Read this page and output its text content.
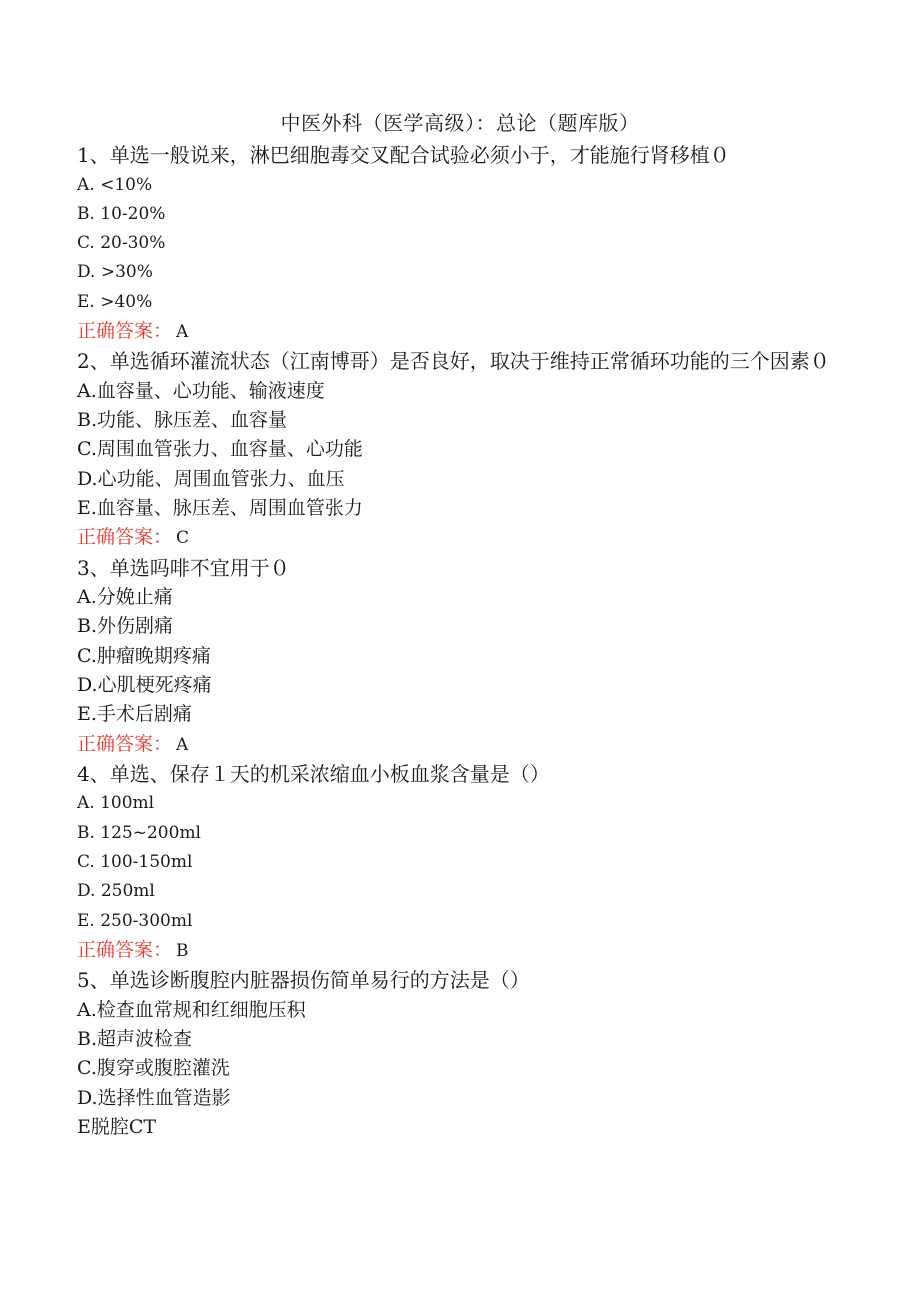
中医外科（医学高级）：总论（题库版）

1、单选一般说来，淋巴细胞毒交叉配合试验必须小于，才能施行肾移植０

A. <10%

B. 10-20%

C. 20-30%

D. >30%

E. >40%

正确答案： A

2、单选循环灌流状态（江南博哥）是否良好，取决于维持正常循环功能的三个因素０

A.血容量、心功能、输液速度

B.功能、脉压差、血容量

C.周围血管张力、血容量、心功能

D.心功能、周围血管张力、血压

E.血容量、脉压差、周围血管张力

正确答案： C

3、单选吗啡不宜用于０

A.分娩止痛

B.外伤剧痛

C.肿瘤晚期疼痛

D.心肌梗死疼痛

E.手术后剧痛

正确答案： A

4、单选、保存１天的机采浓缩血小板血浆含量是（）

A. 100ml

B. 125~200ml

C. 100-150ml

D. 250ml

E. 250-300ml

正确答案： B

5、单选诊断腹腔内脏器损伤简单易行的方法是（）

A.检查血常规和红细胞压积

B.超声波检查

C.腹穿或腹腔灌洗

D.选择性血管造影

E脱腔CT
